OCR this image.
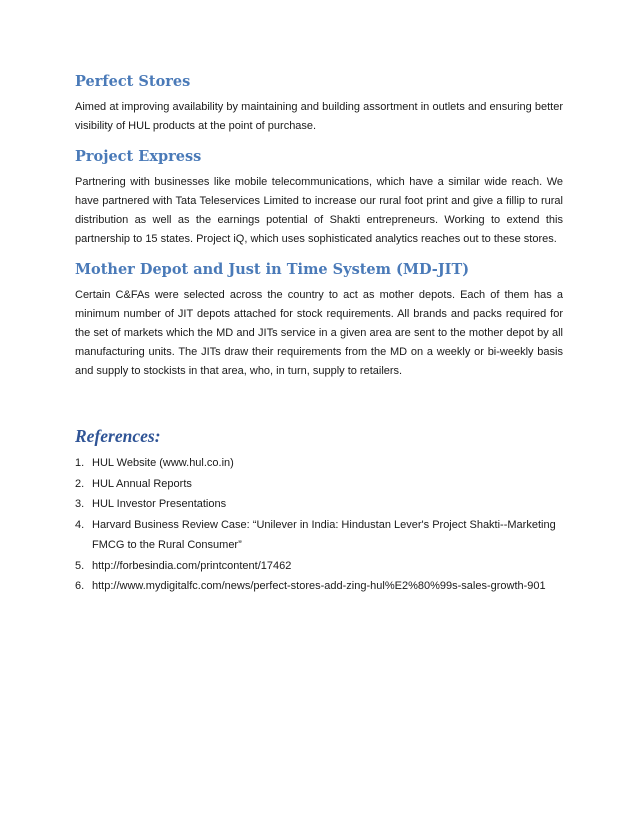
Perfect Stores

Aimed at improving availability by maintaining and building assortment in outlets and ensuring better visibility of HUL products at the point of purchase.

Project Express

Partnering with businesses like mobile telecommunications, which have a similar wide reach. We have partnered with Tata Teleservices Limited to increase our rural foot print and give a fillip to rural distribution as well as the earnings potential of Shakti entrepreneurs. Working to extend this partnership to 15 states. Project iQ, which uses sophisticated analytics reaches out to these stores.

Mother Depot and Just in Time System (MD-JIT)

Certain C&FAs were selected across the country to act as mother depots. Each of them has a minimum number of JIT depots attached for stock requirements. All brands and packs required for the set of markets which the MD and JITs service in a given area are sent to the mother depot by all manufacturing units. The JITs draw their requirements from the MD on a weekly or bi-weekly basis and supply to stockists in that area, who, in turn, supply to retailers.

References:
1. HUL Website (www.hul.co.in)
2. HUL Annual Reports
3. HUL Investor Presentations
4. Harvard Business Review Case: “Unilever in India: Hindustan Lever's Project Shakti--Marketing FMCG to the Rural Consumer”
5. http://forbesindia.com/printcontent/17462
6. http://www.mydigitalfc.com/news/perfect-stores-add-zing-hul%E2%80%99s-sales-growth-901
